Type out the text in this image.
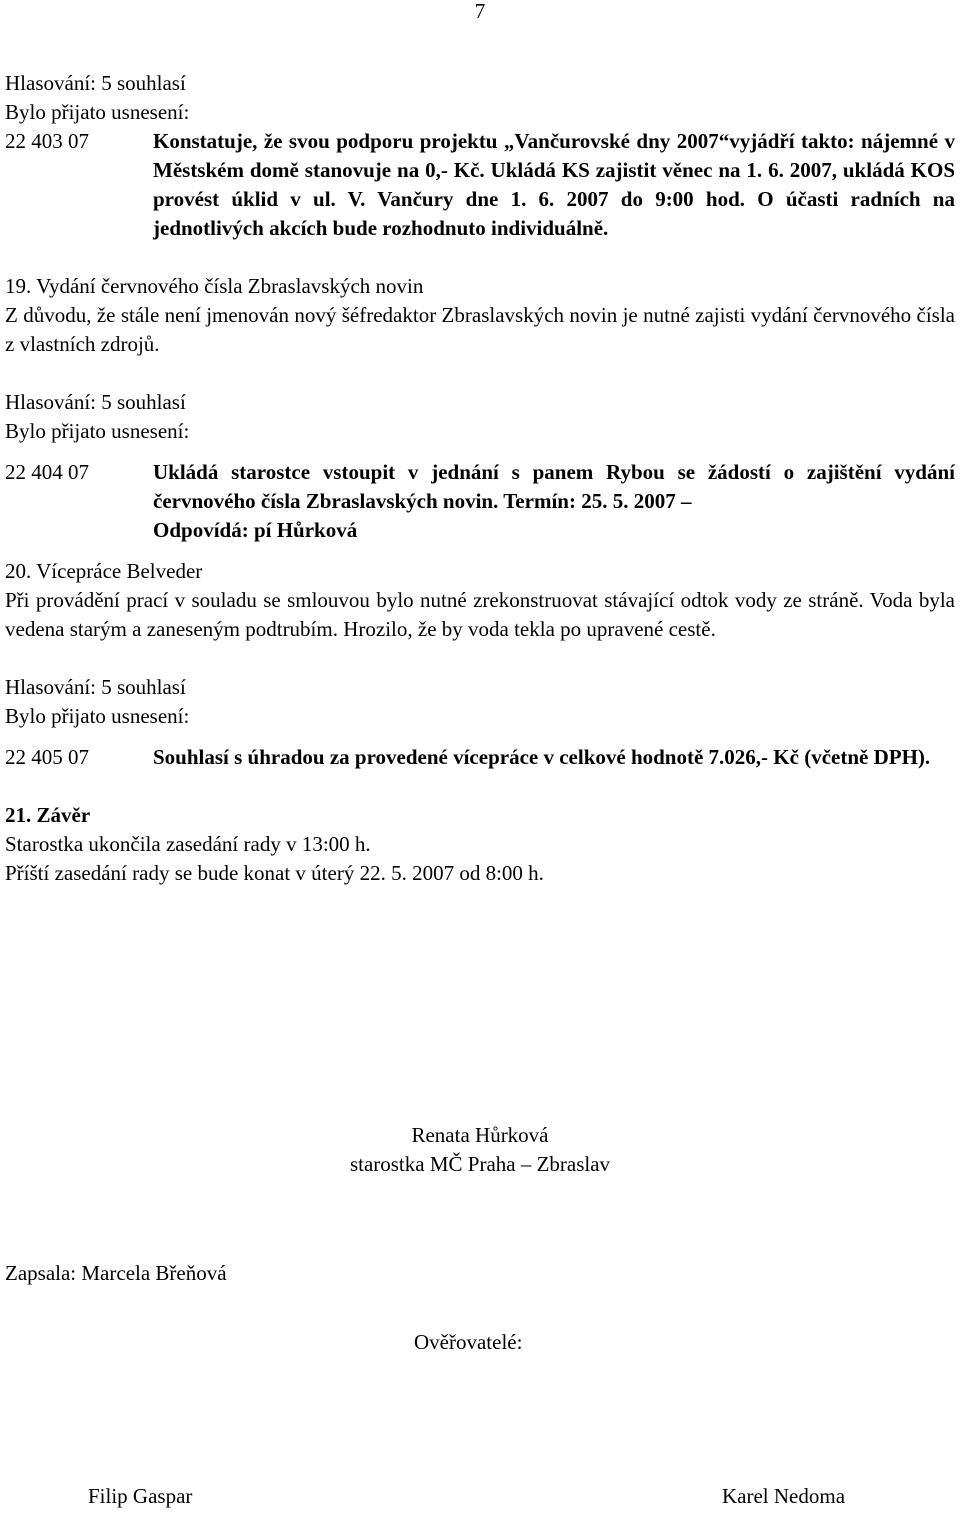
7
Hlasování: 5 souhlasí
Bylo přijato usnesení:
22 403 07	Konstatuje, že svou podporu projektu „Vančurovské dny 2007“vyjádří takto: nájemné v Městském domě stanovuje na 0,- Kč. Ukládá KS zajistit věnec na 1. 6. 2007, ukládá KOS provést úklid v ul. V. Vančury dne 1. 6. 2007 do 9:00 hod. O účasti radních na jednotlivých akcích bude rozhodnuto individuálně.
19. Vydání červnového čísla Zbraslavských novin
Z důvodu, že stále není jmenován nový šéfredaktor Zbraslavských novin je nutné zajisti vydání červnového čísla z vlastních zdrojů.
Hlasování: 5 souhlasí
Bylo přijato usnesení:
22 404 07	Ukládá starostce vstoupit v jednání s panem Rybou se žádostí o zajištění vydání červnového čísla Zbraslavských novin. Termín: 25. 5. 2007 –
Odpovídá: pí Hůrková
20. Vícepráce Belveder
Při provádění prací v souladu se smlouvou bylo nutné zrekonstruovat stávající odtok vody ze stráně. Voda byla vedena starým a zaneseným podtrubím. Hrozilo, že by voda tekla po upravené cestě.
Hlasování: 5 souhlasí
Bylo přijato usnesení:
22 405 07	Souhlasí s úhradou za provedené vícepráce v celkové hodnotě 7.026,- Kč (včetně DPH).
21. Závěr
Starostka ukončila zasedání rady v 13:00 h.
Příští zasedání rady se bude konat v úterý 22. 5. 2007 od 8:00 h.
Renata Hůrková
starostka MČ Praha – Zbraslav
Zapsala: Marcela Břeňová
Ověřovatelé:
Filip Gaspar	Karel Nedoma
